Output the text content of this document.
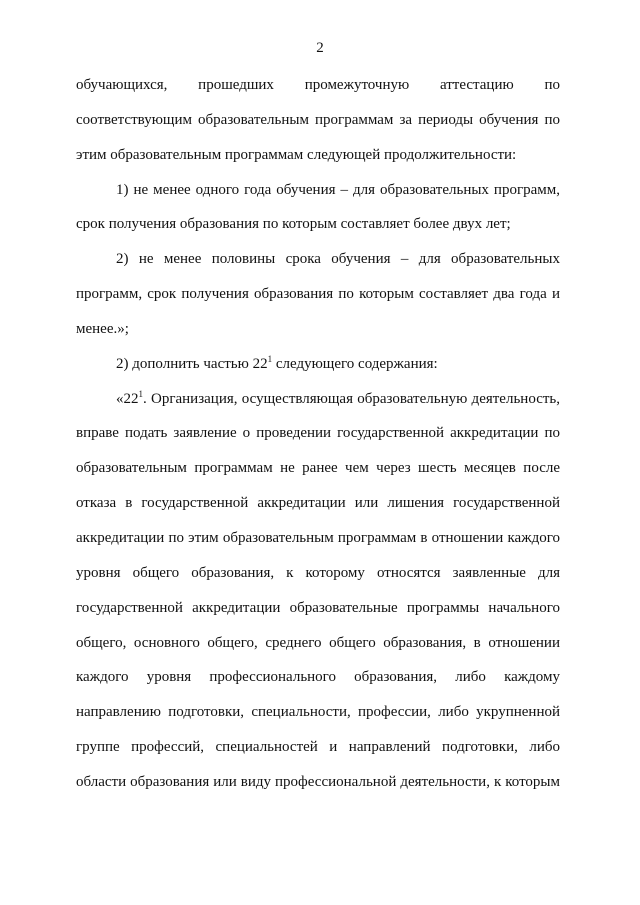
2

обучающихся, прошедших промежуточную аттестацию по соответствующим образовательным программам за периоды обучения по этим образовательным программам следующей продолжительности:

1) не менее одного года обучения – для образовательных программ, срок получения образования по которым составляет более двух лет;

2) не менее половины срока обучения – для образовательных программ, срок получения образования по которым составляет два года и менее.»;

2) дополнить частью $22^1$ следующего содержания:

«$22^1$. Организация, осуществляющая образовательную деятельность, вправе подать заявление о проведении государственной аккредитации по образовательным программам не ранее чем через шесть месяцев после отказа в государственной аккредитации или лишения государственной аккредитации по этим образовательным программам в отношении каждого уровня общего образования, к которому относятся заявленные для государственной аккредитации образовательные программы начального общего, основного общего, среднего общего образования, в отношении каждого уровня профессионального образования, либо каждому направлению подготовки, специальности, профессии, либо укрупненной группе профессий, специальностей и направлений подготовки, либо области образования или виду профессиональной деятельности, к которым
